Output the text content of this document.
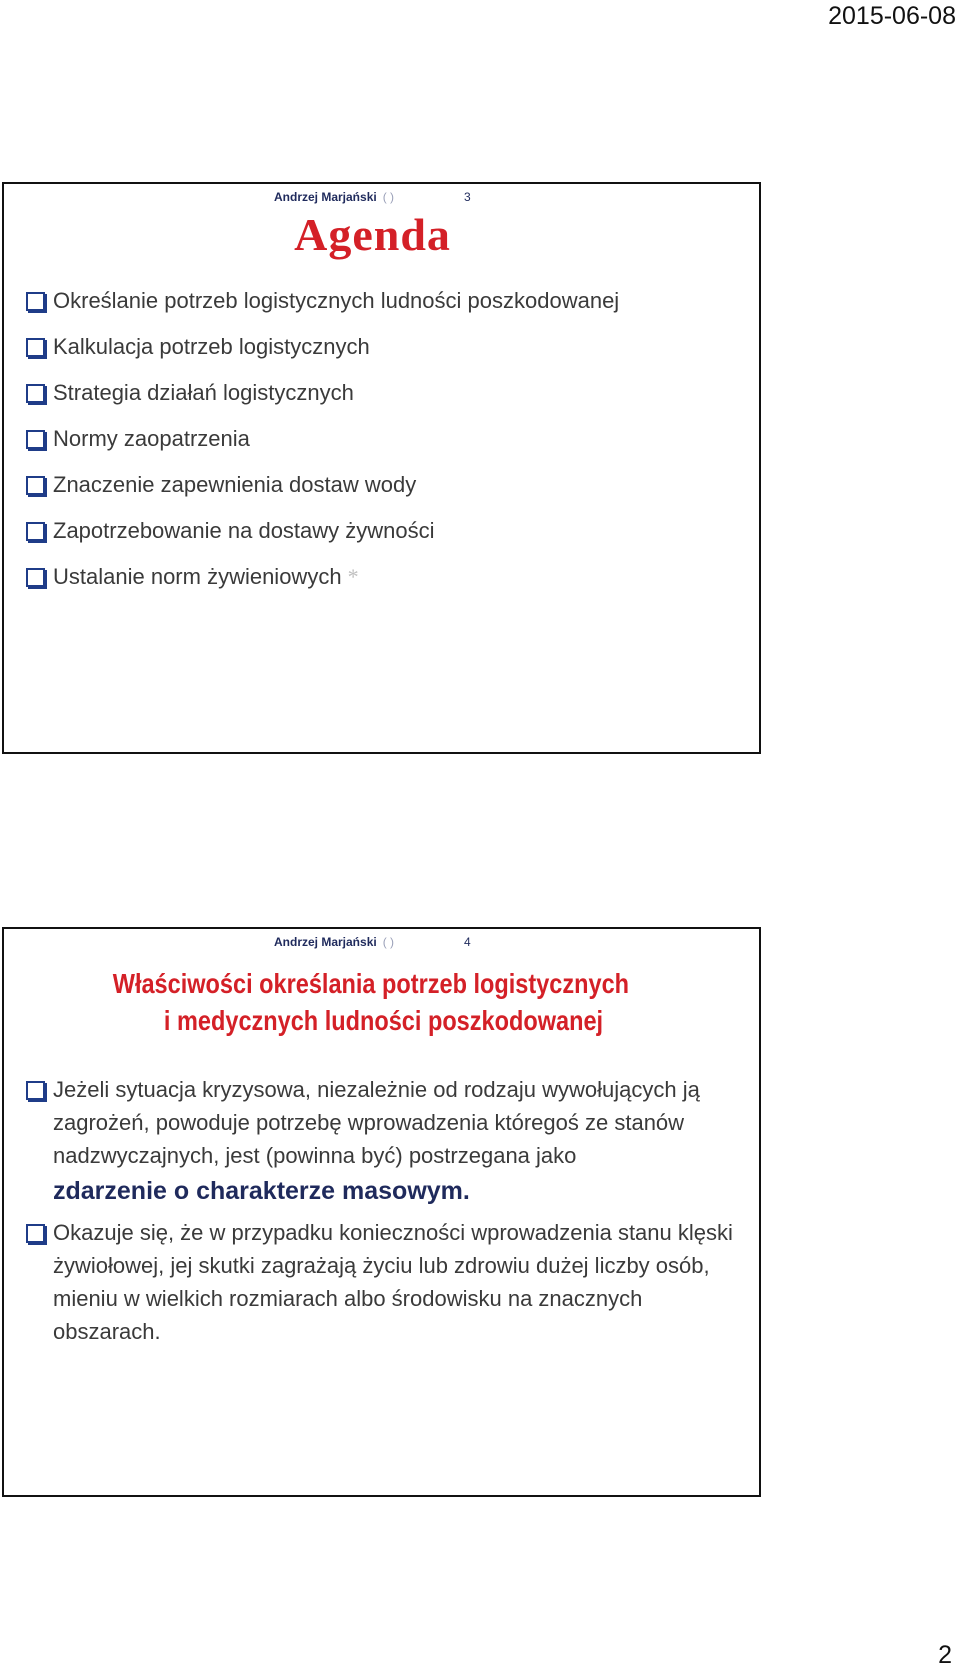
2015-06-08
Andrzej Marjański ( )	3
Agenda
Określanie potrzeb logistycznych ludności poszkodowanej
Kalkulacja potrzeb logistycznych
Strategia działań logistycznych
Normy zaopatrzenia
Znaczenie zapewnienia dostaw wody
Zapotrzebowanie na dostawy żywności
Ustalanie norm żywieniowych *
Andrzej Marjański ( )	4
Właściwości określania potrzeb logistycznych
i medycznych ludności poszkodowanej
Jeżeli sytuacja kryzysowa, niezależnie od rodzaju wywołujących ją zagrożeń, powoduje potrzebę wprowadzenia któregoś ze stanów nadzwyczajnych, jest (powinna być) postrzegana jako
zdarzenie o charakterze masowym.
Okazuje się, że w przypadku konieczności wprowadzenia stanu klęski żywiołowej, jej skutki zagrażają życiu lub zdrowiu dużej liczby osób, mieniu w wielkich rozmiarach albo środowisku na znacznych obszarach.
2
